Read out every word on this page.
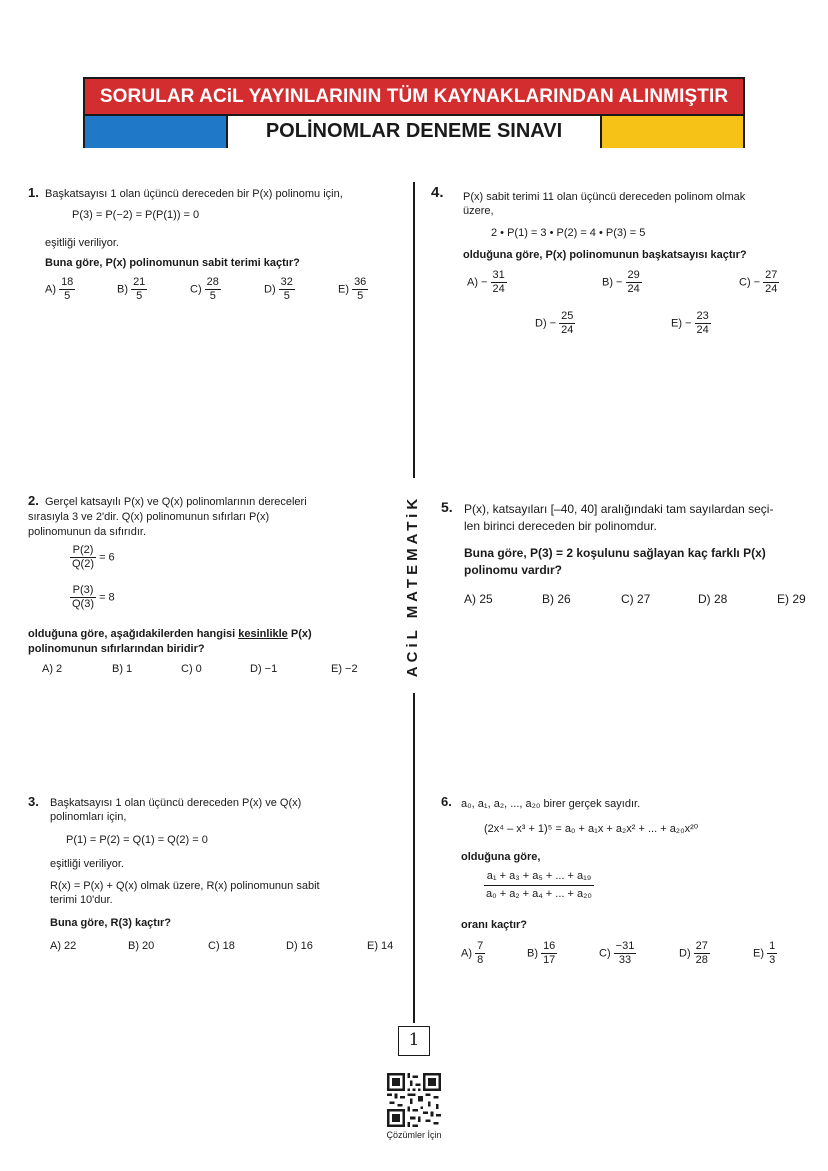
SORULAR ACiL YAYINLARININ TÜM KAYNAKLARINDAN ALINMIŞTIR
POLİNOMLAR DENEME SINAVI
ACiL MATEMATiK
1. Başkatsayısı 1 olan üçüncü dereceden bir P(x) polinomu için,
P(3) = P(−2) = P(P(1)) = 0
eşitliği veriliyor.
Buna göre, P(x) polinomunun sabit terimi kaçtır?
$A) \frac{18}{5}$	$B) \frac{21}{5}$	$C) \frac{28}{5}$	$D) \frac{32}{5}$	$E) \frac{36}{5}$
2. Gerçel katsayılı P(x) ve Q(x) polinomlarının dereceleri
sırasıyla 3 ve 2'dir. Q(x) polinomunun sıfırları P(x)
polinomunun da sıfırıdır.
$\frac{P(2)}{Q(2)} = 6$
$\frac{P(3)}{Q(3)} = 8$
olduğuna göre, aşağıdakilerden hangisi kesinlikle P(x)
polinomunun sıfırlarından biridir?
A) 2	B) 1	C) 0	D) −1	E) −2
3. Başkatsayısı 1 olan üçüncü dereceden P(x) ve Q(x)
polinomları için,
P(1) = P(2) = Q(1) = Q(2) = 0
eşitliği veriliyor.
R(x) = P(x) + Q(x) olmak üzere, R(x) polinomunun sabit
terimi 10'dur.
Buna göre, R(3) kaçtır?
A) 22	B) 20	C) 18	D) 16	E) 14
4. P(x) sabit terimi 11 olan üçüncü dereceden polinom olmak
üzere,
2 • P(1) = 3 • P(2) = 4 • P(3) = 5
olduğuna göre, P(x) polinomunun başkatsayısı kaçtır?
$A) - \frac{31}{24}$	$B) - \frac{29}{24}$	$C) - \frac{27}{24}$
$D) - \frac{25}{24}$	$E) - \frac{23}{24}$
5. P(x), katsayıları [–40, 40] aralığındaki tam sayılardan seçi-
len birinci dereceden bir polinomdur.
Buna göre, P(3) = 2 koşulunu sağlayan kaç farklı P(x)
polinomu vardır?
A) 25	B) 26	C) 27	D) 28	E) 29
6. a₀, a₁, a₂, ..., a₂₀ birer gerçek sayıdır.
(2x⁴ – x³ + 1)⁵ = a₀ + a₁x + a₂x² + ... + a₂₀x²⁰
olduğuna göre,
$\frac{\text{a₁ + a₃ + a₅ + ... + a₁₉}}{\text{a₀ + a₂ + a₄ + ... + a₂₀}}$
oranı kaçtır?
$A) \frac{7}{8}$	$B) \frac{16}{17}$	$C) \frac{-31}{33}$	$D) \frac{27}{28}$	$E) \frac{1}{3}$
1
Çözümler İçin
